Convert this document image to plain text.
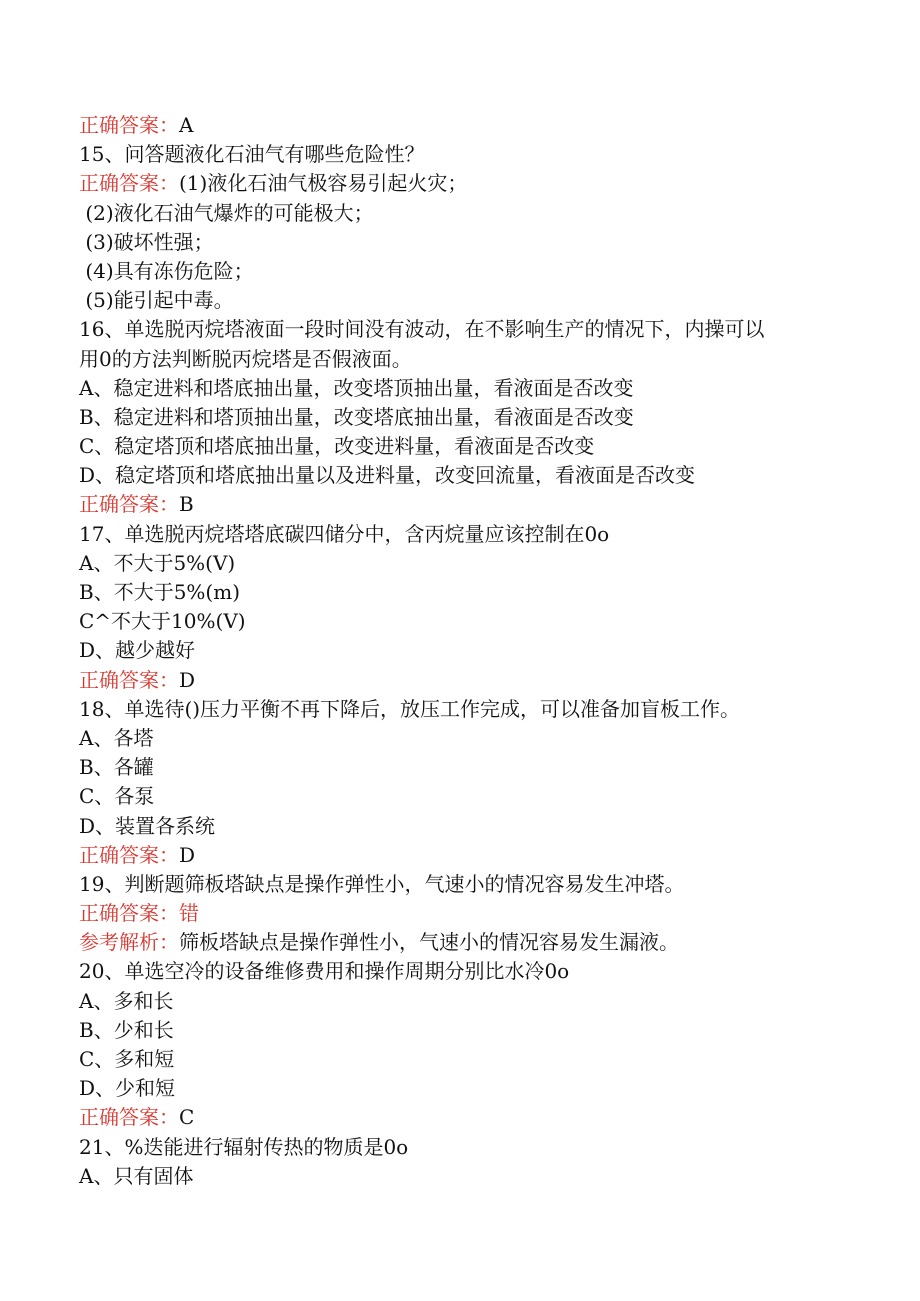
正确答案：A
15、问答题液化石油气有哪些危险性？
正确答案：(1)液化石油气极容易引起火灾；
(2)液化石油气爆炸的可能极大；
(3)破坏性强；
(4)具有冻伤危险；
(5)能引起中毒。
16、单选脱丙烷塔液面一段时间没有波动，在不影响生产的情况下，内操可以
用0的方法判断脱丙烷塔是否假液面。
A、稳定进料和塔底抽出量，改变塔顶抽出量，看液面是否改变
B、稳定进料和塔顶抽出量，改变塔底抽出量，看液面是否改变
C、稳定塔顶和塔底抽出量，改变进料量，看液面是否改变
D、稳定塔顶和塔底抽出量以及进料量，改变回流量，看液面是否改变
正确答案：B
17、单选脱丙烷塔塔底碳四储分中，含丙烷量应该控制在0o
A、不大于5%(V)
B、不大于5%(m)
C^不大于10%(V)
D、越少越好
正确答案：D
18、单选待()压力平衡不再下降后，放压工作完成，可以准备加盲板工作。
A、各塔
B、各罐
C、各泵
D、装置各系统
正确答案：D
19、判断题筛板塔缺点是操作弹性小，气速小的情况容易发生冲塔。
正确答案：错
参考解析：筛板塔缺点是操作弹性小，气速小的情况容易发生漏液。
20、单选空冷的设备维修费用和操作周期分别比水冷0o
A、多和长
B、少和长
C、多和短
D、少和短
正确答案：C
21、%迭能进行辐射传热的物质是0o
A、只有固体
